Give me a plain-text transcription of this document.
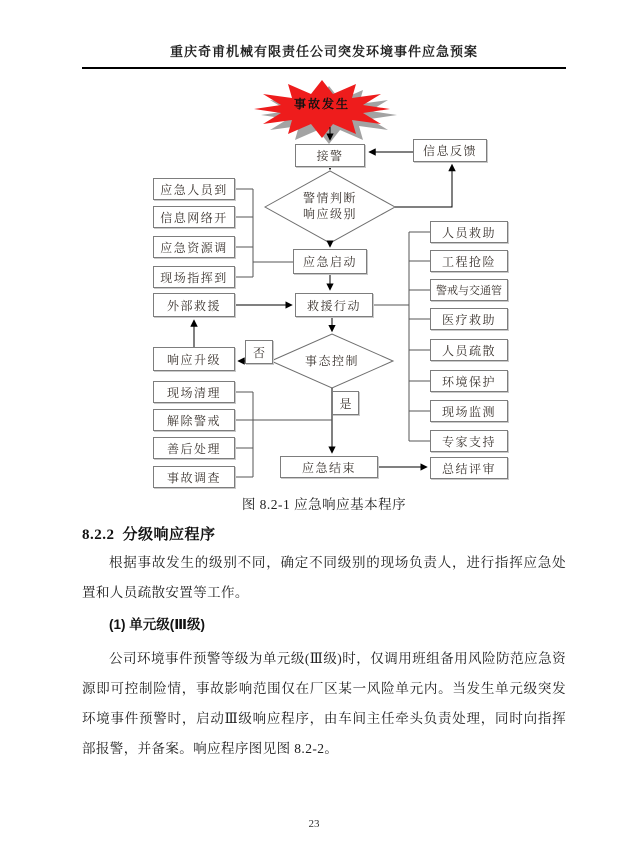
重庆奇甫机械有限责任公司突发环境事件应急预案
事故发生
接警	信息反馈
警情判断
响应级别
应急启动
救援行动
事态控制
否
是
应急结束
应急人员到
信息网络开
应急资源调
现场指挥到
外部救援
响应升级
现场清理
解除警戒
善后处理
事故调查
人员救助
工程抢险
警戒与交通管
医疗救助
人员疏散
环境保护
现场监测
专家支持
总结评审
图 8.2-1 应急响应基本程序
8.2.2 分级响应程序

根据事故发生的级别不同，确定不同级别的现场负责人，进行指挥应急处置和人员疏散安置等工作。

(1) 单元级(Ⅲ级)

公司环境事件预警等级为单元级(Ⅲ级)时，仅调用班组备用风险防范应急资源即可控制险情，事故影响范围仅在厂区某一风险单元内。当发生单元级突发环境事件预警时，启动Ⅲ级响应程序，由车间主任牵头负责处理，同时向指挥部报警，并备案。响应程序图见图 8.2-2。

23
